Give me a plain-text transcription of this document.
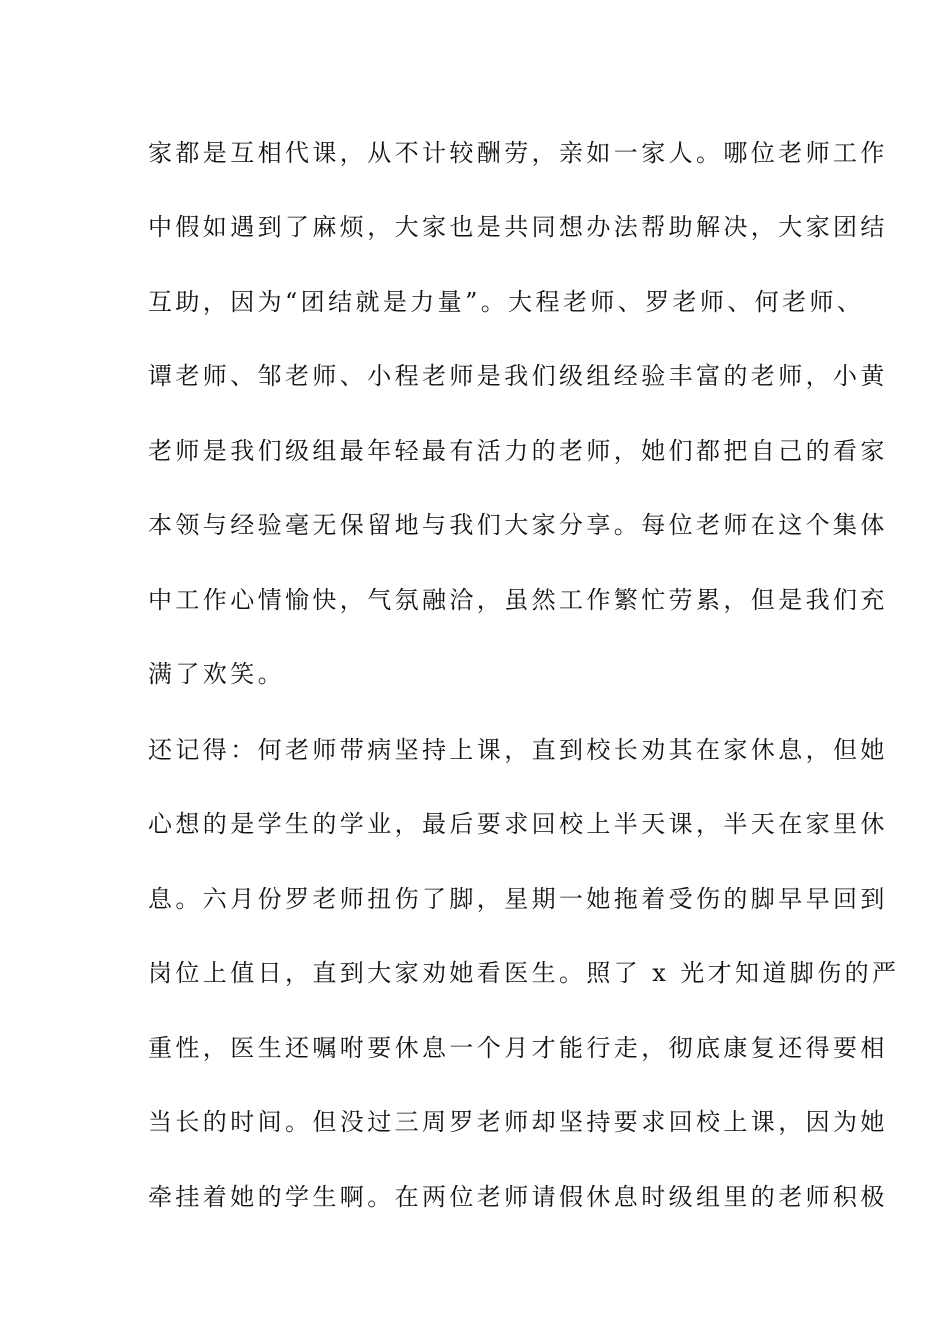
家都是互相代课，从不计较酬劳，亲如一家人。哪位老师工作
中假如遇到了麻烦，大家也是共同想办法帮助解决，大家团结
互助，因为“团结就是力量”。大程老师、罗老师、何老师、
谭老师、邹老师、小程老师是我们级组经验丰富的老师，小黄
老师是我们级组最年轻最有活力的老师，她们都把自己的看家
本领与经验毫无保留地与我们大家分享。每位老师在这个集体
中工作心情愉快，气氛融洽，虽然工作繁忙劳累，但是我们充
满了欢笑。
还记得：何老师带病坚持上课，直到校长劝其在家休息，但她
心想的是学生的学业，最后要求回校上半天课，半天在家里休
息。六月份罗老师扭伤了脚，星期一她拖着受伤的脚早早回到
岗位上值日，直到大家劝她看医生。照了 x 光才知道脚伤的严
重性，医生还嘱咐要休息一个月才能行走，彻底康复还得要相
当长的时间。但没过三周罗老师却坚持要求回校上课，因为她
牵挂着她的学生啊。在两位老师请假休息时级组里的老师积极
